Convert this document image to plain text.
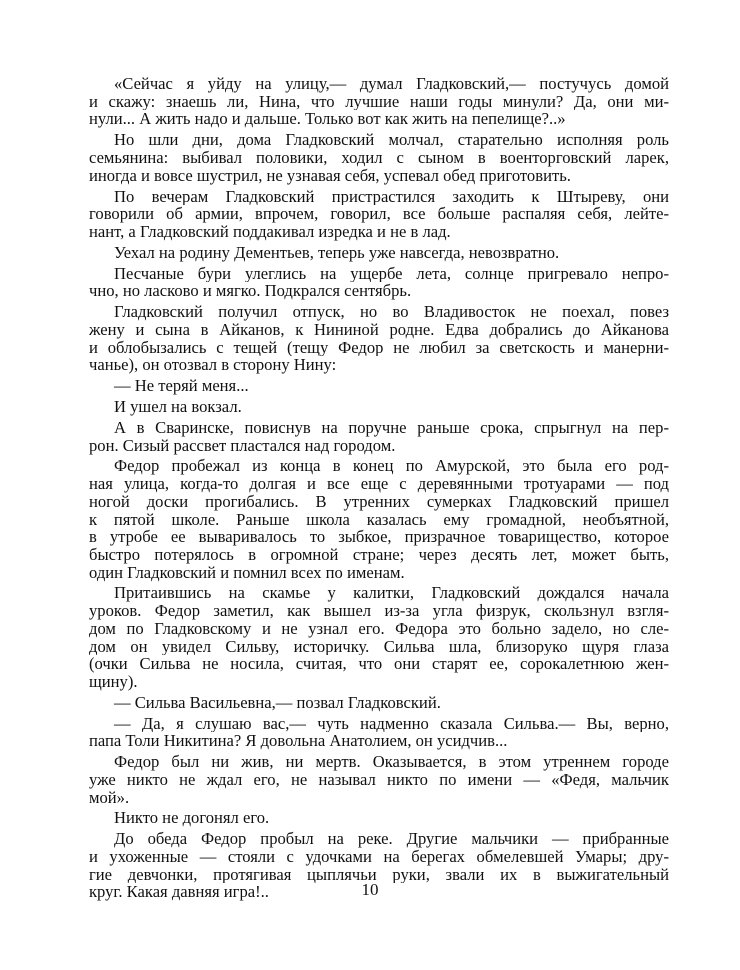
«Сейчас я уйду на улицу,— думал Гладковский,— постучусь домой
и скажу: знаешь ли, Нина, что лучшие наши годы минули? Да, они ми-
нули... А жить надо и дальше. Только вот как жить на пепелище?..»
Но шли дни, дома Гладковский молчал, старательно исполняя роль
семьянина: выбивал половики, ходил с сыном в военторговский ларек,
иногда и вовсе шустрил, не узнавая себя, успевал обед приготовить.
По вечерам Гладковский пристрастился заходить к Штыреву, они
говорили об армии, впрочем, говорил, все больше распаляя себя, лейте-
нант, а Гладковский поддакивал изредка и не в лад.
Уехал на родину Дементьев, теперь уже навсегда, невозвратно.
Песчаные бури улеглись на ущербе лета, солнце пригревало непро-
чно, но ласково и мягко. Подкрался сентябрь.
Гладковский получил отпуск, но во Владивосток не поехал, повез
жену и сына в Айканов, к Нининой родне. Едва добрались до Айканова
и облобызались с тещей (тещу Федор не любил за светскость и манерни-
чанье), он отозвал в сторону Нину:
— Не теряй меня...
И ушел на вокзал.
А в Сваринске, повиснув на поручне раньше срока, спрыгнул на пер-
рон. Сизый рассвет пластался над городом.
Федор пробежал из конца в конец по Амурской, это была его род-
ная улица, когда-то долгая и все еще с деревянными тротуарами — под
ногой доски прогибались. В утренних сумерках Гладковский пришел
к пятой школе. Раньше школа казалась ему громадной, необъятной,
в утробе ее вываривалось то зыбкое, призрачное товарищество, которое
быстро потерялось в огромной стране; через десять лет, может быть,
один Гладковский и помнил всех по именам.
Притаившись на скамье у калитки, Гладковский дождался начала
уроков. Федор заметил, как вышел из-за угла физрук, скользнул взгля-
дом по Гладковскому и не узнал его. Федора это больно задело, но сле-
дом он увидел Сильву, историчку. Сильва шла, близоруко щуря глаза
(очки Сильва не носила, считая, что они старят ее, сорокалетнюю жен-
щину).
— Сильва Васильевна,— позвал Гладковский.
— Да, я слушаю вас,— чуть надменно сказала Сильва.— Вы, верно,
папа Толи Никитина? Я довольна Анатолием, он усидчив...
Федор был ни жив, ни мертв. Оказывается, в этом утреннем городе
уже никто не ждал его, не называл никто по имени — «Федя, мальчик
мой».
Никто не догонял его.
До обеда Федор пробыл на реке. Другие мальчики — прибранные
и ухоженные — стояли с удочками на берегах обмелевшей Умары; дру-
гие девчонки, протягивая цыплячьи руки, звали их в выжигательный
круг. Какая давняя игра!..	10
